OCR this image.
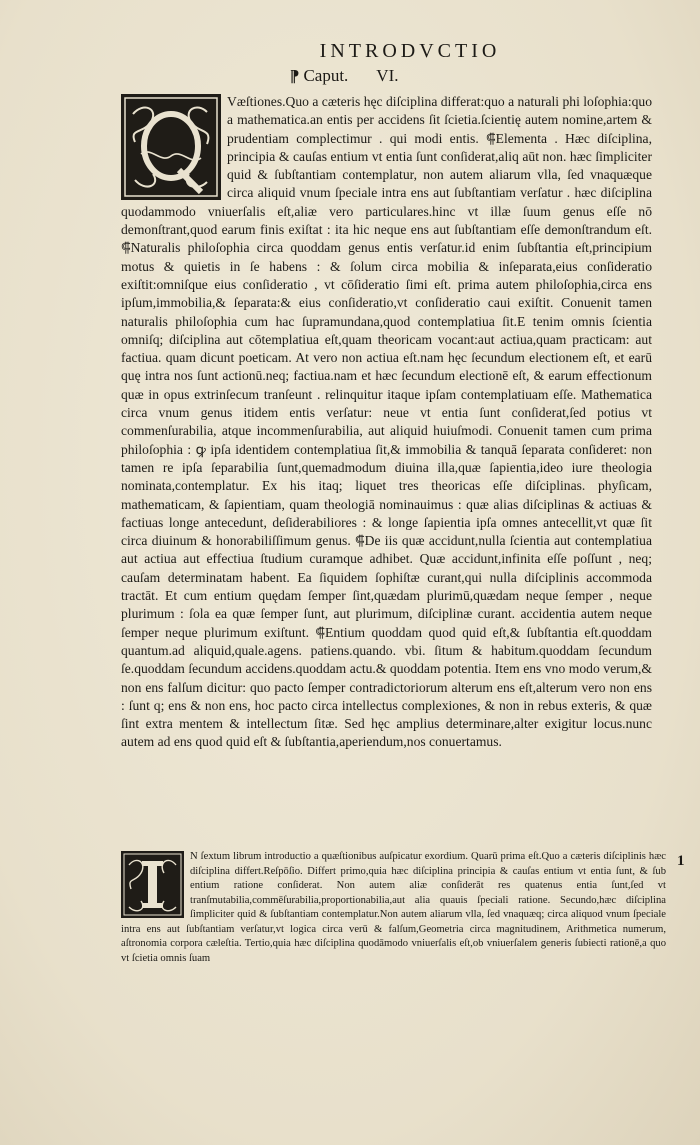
INTRODVCTIO
¶ Caput. VI.

Væſtiones.Quo a cæteris hęc diſciplina differat:quo a naturali phi loſophia:quo a mathematica.an entis per accidens ſit ſcietia.ſcientię autem nomine,artem & prudentiam complectimur . qui modi entis. ⸿Elementa . Hæc diſciplina, principia & cauſas entium vt entia ſunt conſiderat,aliq aūt non. hæc ſimpliciter quid & ſubſtantiam contemplatur, non autem aliarum vlla, ſed vnaquæque circa aliquid vnum ſpeciale intra ens aut ſubſtantiam verſatur . hæc diſciplina quodammodo vniuerſalis eſt,aliæ vero particulares.hinc vt illæ ſuum genus eſſe nō demonſtrant,quod earum finis exiſtat : ita hic neque ens aut ſubſtantiam eſſe demonſtrandum eſt. ⸿Naturalis philoſophia circa quoddam genus entis verſatur.id enim ſubſtantia eſt,principium motus & quietis in ſe habens : & ſolum circa mobilia & inſeparata,eius conſideratio exiſtit:omniſque eius conſideratio , vt cōſideratio ſimi eſt. prima autem philoſophia,circa ens ipſum,immobilia,& ſeparata:& eius conſideratio,vt conſideratio caui exiſtit. Conuenit tamen naturalis philoſophia cum hac ſupramundana,quod contemplatiua ſit.E tenim omnis ſcientia omniſq; diſciplina aut cōtemplatiua eſt,quam theoricam vocant:aut actiua,quam practicam: aut factiua. quam dicunt poeticam. At vero non actiua eſt.nam hęc ſecundum electionem eſt, et earū quę intra nos ſunt actionū.neq; factiua.nam et hæc ſecundum electionē eſt, & earum effectionum quæ in opus extrinſecum tranſeunt . relinquitur itaque ipſam contemplatiuam eſſe. Mathematica circa vnum genus itidem entis verſatur: neue vt entia ſunt conſiderat,ſed potius vt commenſurabilia, atque incommenſurabilia, aut aliquid huiuſmodi. Conuenit tamen cum prima philoſophia : ꝙ ipſa identidem contemplatiua ſit,& immobilia & tanquā ſeparata conſideret: non tamen re ipſa ſeparabilia ſunt,quemadmodum diuina illa,quæ ſapientia,ideo iure theologia nominata,contemplatur. Ex his itaq; liquet tres theoricas eſſe diſciplinas. phyſicam, mathematicam, & ſapientiam, quam theologiā nominauimus : quæ alias diſciplinas & actiuas & factiuas longe antecedunt, deſiderabiliores : & longe ſapientia ipſa omnes antecellit,vt quæ ſit circa diuinum & honorabiliſſimum genus. ⸿De iis quæ accidunt,nulla ſcientia aut contemplatiua aut actiua aut effectiua ſtudium curamque adhibet. Quæ accidunt,infinita eſſe poſſunt , neq; cauſam determinatam habent. Ea ſiquidem ſophiſtæ curant,qui nulla diſciplinis accommoda tractāt. Et cum entium quędam ſemper ſint,quædam plurimū,quædam neque ſemper , neque plurimum : ſola ea quæ ſemper ſunt, aut plurimum, diſciplinæ curant. accidentia autem neque ſemper neque plurimum exiſtunt. ⸿Entium quoddam quod quid eſt,& ſubſtantia eſt.quoddam quantum.ad aliquid,quale.agens. patiens.quando. vbi. ſitum & habitum.quoddam ſecundum ſe.quoddam ſecundum accidens.quoddam actu.& quoddam potentia. Item ens vno modo verum,& non ens falſum dicitur: quo pacto ſemper contradictoriorum alterum ens eſt,alterum vero non ens : ſunt q; ens & non ens, hoc pacto circa intellectus complexiones, & non in rebus exteris, & quæ ſint extra mentem & intellectum ſitæ. Sed hęc amplius determinare,alter exigitur locus.nunc autem ad ens quod quid eſt & ſubſtantia,aperiendum,nos conuertamus.

N ſextum librum introductio a quæſtionibus auſpicatur exordium. Quarū prima eſt.Quo a cæteris diſciplinis hæc diſciplina differt.Reſpōſio. Differt primo,quia hæc diſciplina principia & cauſas entium vt entia ſunt, & ſub entium ratione conſiderat. Non autem aliæ conſiderāt res quatenus entia ſunt,ſed vt tranſmutabilia,commēſurabilia,proportionabilia,aut alia quauis ſpeciali ratione. Secundo,hæc diſciplina ſimpliciter quid & ſubſtantiam contemplatur.Non autem aliarum vlla, ſed vnaquæq; circa aliquod vnum ſpeciale intra ens aut ſubſtantiam verſatur,vt logica circa verū & falſum,Geometria circa magnitudinem, Arithmetica numerum, aſtronomia corpora cæleſtia. Tertio,quia hæc diſciplina quodāmodo vniuerſalis eſt,ob vniuerſalem generis ſubiecti rationē,a quo vt ſcietia omnis ſuam

1
